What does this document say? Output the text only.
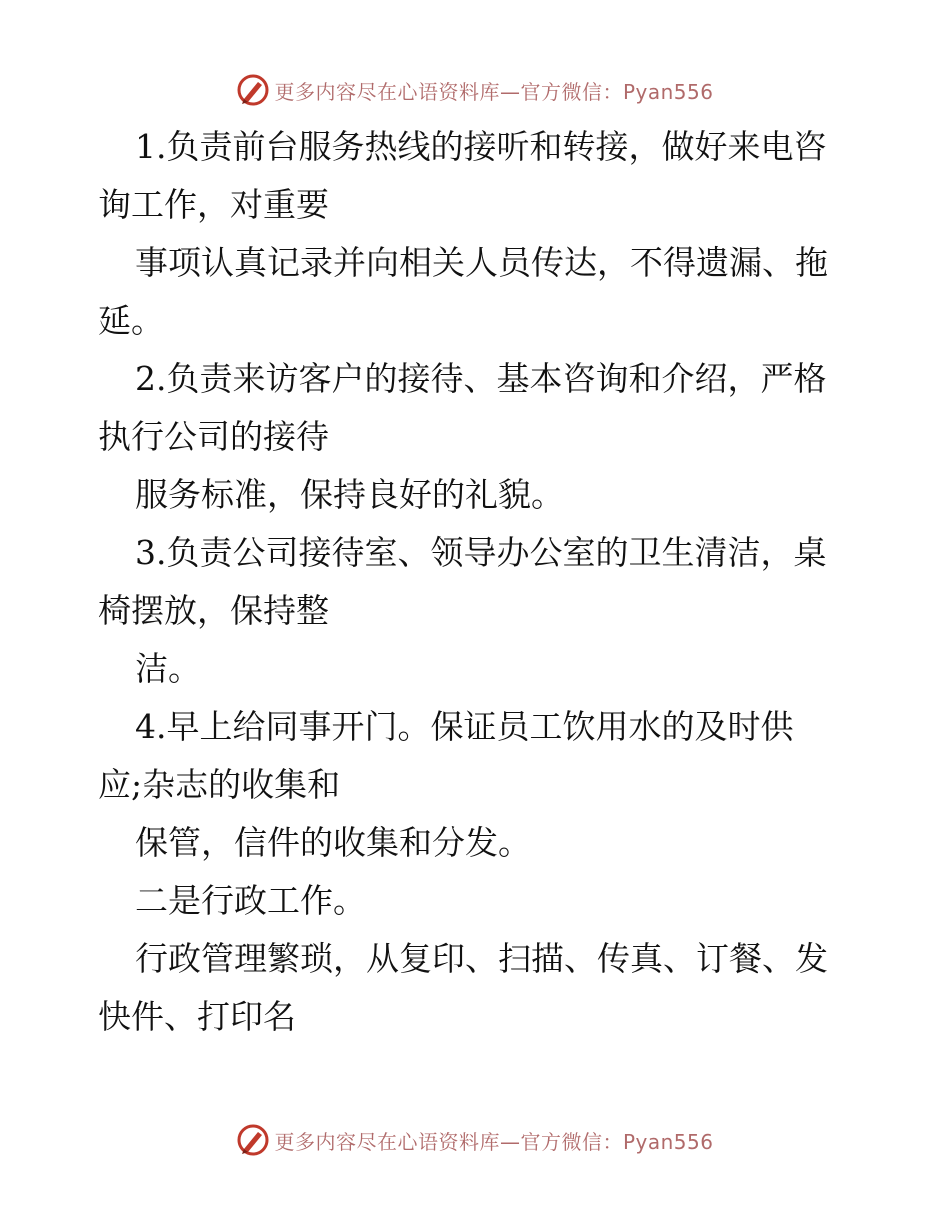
更多内容尽在心语资料库—官方微信：Pyan556
1.负责前台服务热线的接听和转接，做好来电咨
询工作，对重要
事项认真记录并向相关人员传达，不得遗漏、拖
延。
2.负责来访客户的接待、基本咨询和介绍，严格
执行公司的接待
服务标准，保持良好的礼貌。
3.负责公司接待室、领导办公室的卫生清洁，桌
椅摆放，保持整
洁。
4.早上给同事开门。保证员工饮用水的及时供
应;杂志的收集和
保管，信件的收集和分发。
二是行政工作。
行政管理繁琐，从复印、扫描、传真、订餐、发
快件、打印名
更多内容尽在心语资料库—官方微信：Pyan556
